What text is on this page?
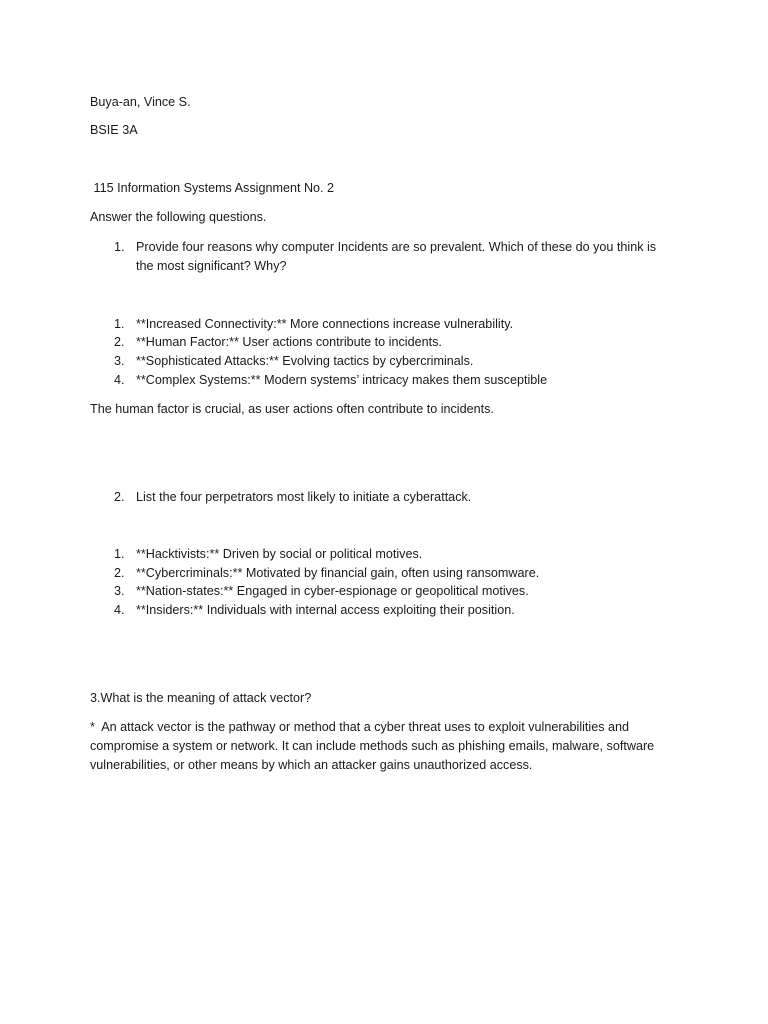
Buya-an, Vince S.
BSIE 3A
115 Information Systems Assignment No. 2
Answer the following questions.
1. Provide four reasons why computer Incidents are so prevalent. Which of these do you think is
the most significant? Why?
1. **Increased Connectivity:** More connections increase vulnerability.
2. **Human Factor:** User actions contribute to incidents.
3. **Sophisticated Attacks:** Evolving tactics by cybercriminals.
4. **Complex Systems:** Modern systems’ intricacy makes them susceptible
The human factor is crucial, as user actions often contribute to incidents.
2. List the four perpetrators most likely to initiate a cyberattack.
1. **Hacktivists:** Driven by social or political motives.
2. **Cybercriminals:** Motivated by financial gain, often using ransomware.
3. **Nation-states:** Engaged in cyber-espionage or geopolitical motives.
4. **Insiders:** Individuals with internal access exploiting their position.
3.What is the meaning of attack vector?
*  An attack vector is the pathway or method that a cyber threat uses to exploit vulnerabilities and
compromise a system or network. It can include methods such as phishing emails, malware, software
vulnerabilities, or other means by which an attacker gains unauthorized access.
